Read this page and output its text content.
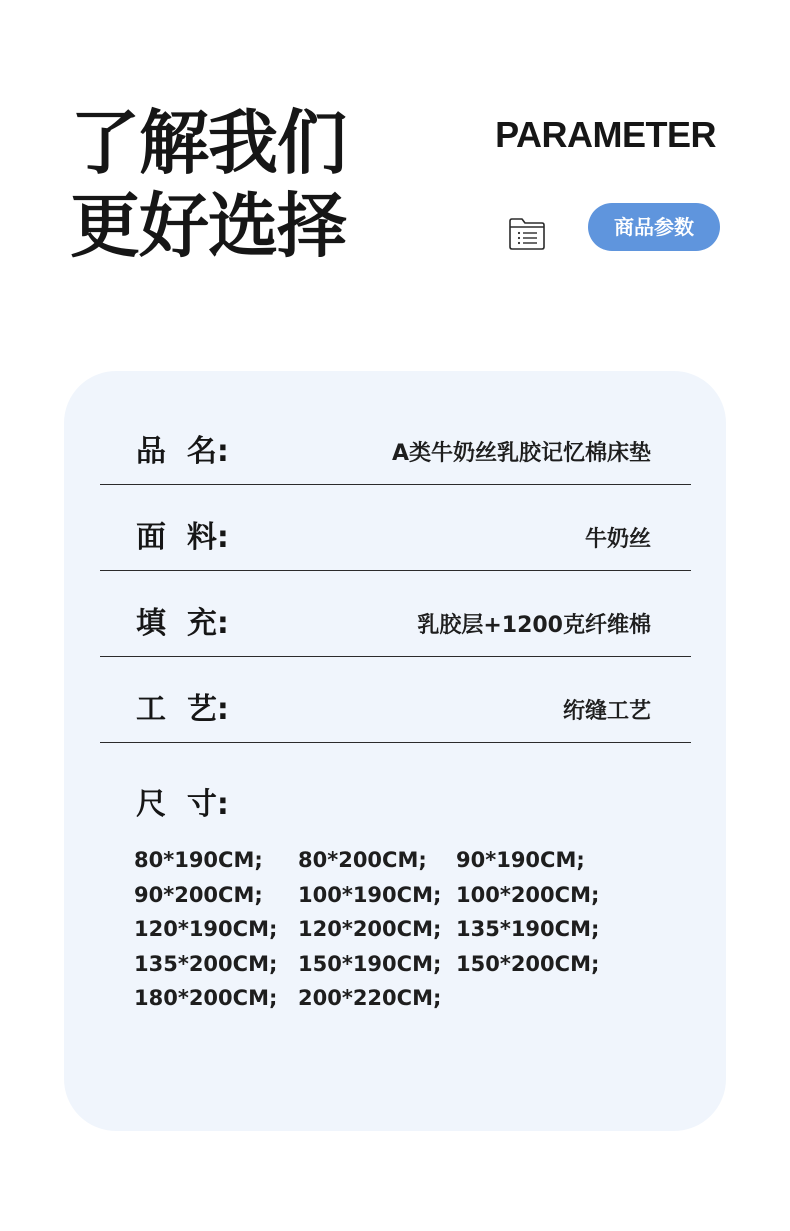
了解我们
更好选择
PARAMETER
商品参数
品  名:	A类牛奶丝乳胶记忆棉床垫
面  料:	牛奶丝
填  充:	乳胶层+1200克纤维棉
工  艺:	绗缝工艺
尺  寸:
80*190CM; 80*200CM; 90*190CM;
90*200CM; 100*190CM; 100*200CM;
120*190CM; 120*200CM; 135*190CM;
135*200CM; 150*190CM; 150*200CM;
180*200CM; 200*220CM;
